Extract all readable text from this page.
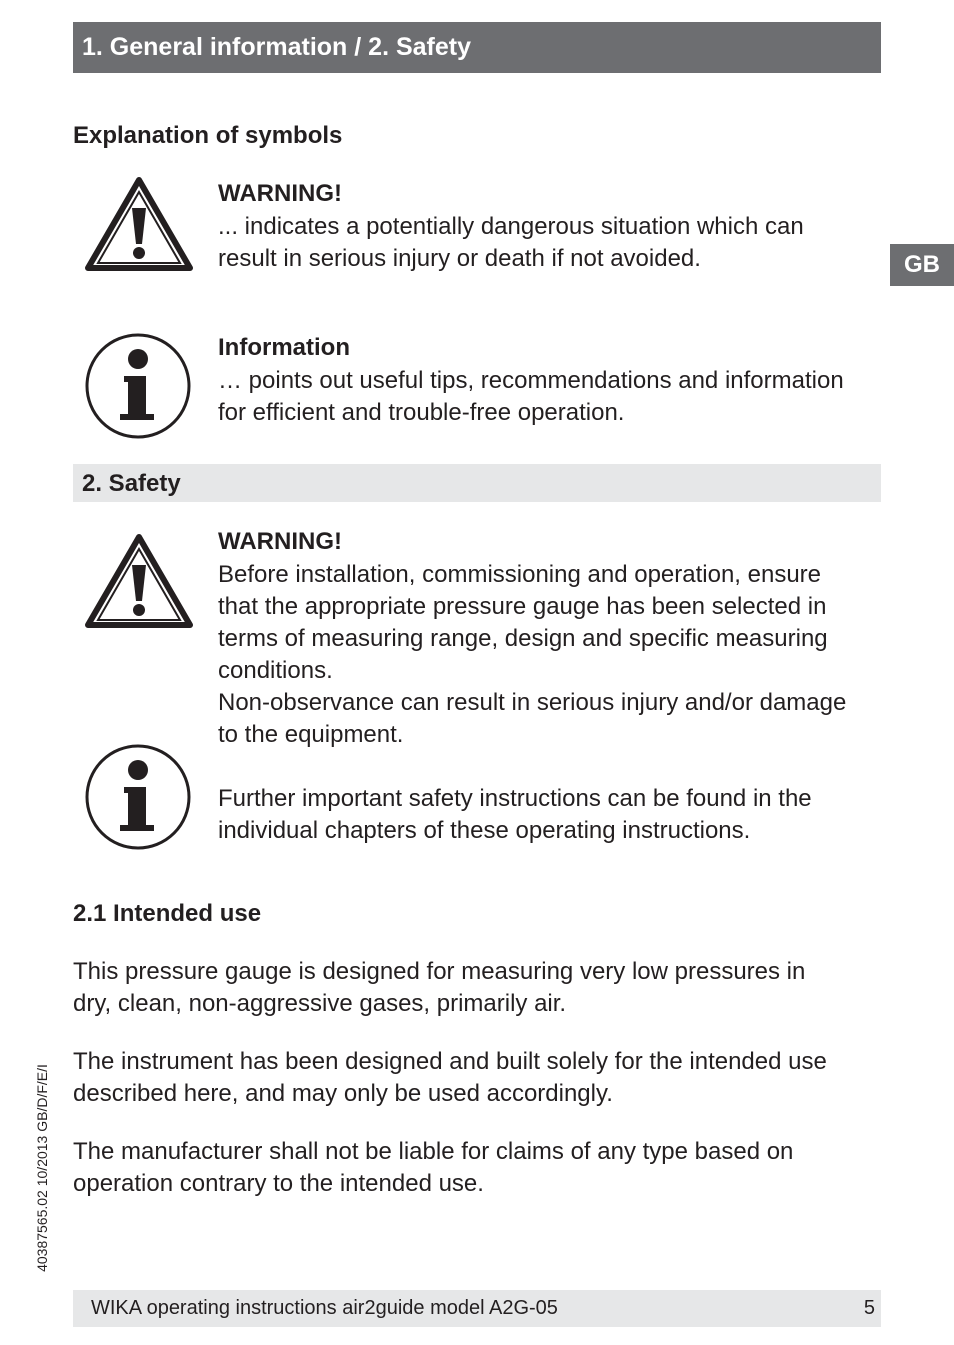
1. General information / 2. Safety
GB
Explanation of symbols
WARNING!
... indicates a potentially dangerous situation which can
result in serious injury or death if not avoided.
Information
… points out useful tips, recommendations and information
for efficient and trouble-free operation.
2. Safety
WARNING!
Before installation, commissioning and operation, ensure
that the appropriate pressure gauge has been selected in
terms of measuring range, design and specific measuring
conditions.
Non-observance can result in serious injury and/or damage
to the equipment.
Further important safety instructions can be found in the
individual chapters of these operating instructions.
2.1 Intended use
This pressure gauge is designed for measuring very low pressures in
dry, clean, non-aggressive gases, primarily air.
The instrument has been designed and built solely for the intended use
described here, and may only be used accordingly.
The manufacturer shall not be liable for claims of any type based on
operation contrary to the intended use.
40387565.02 10/2013 GB/D/F/E/I
WIKA operating instructions air2guide model A2G-05	5
